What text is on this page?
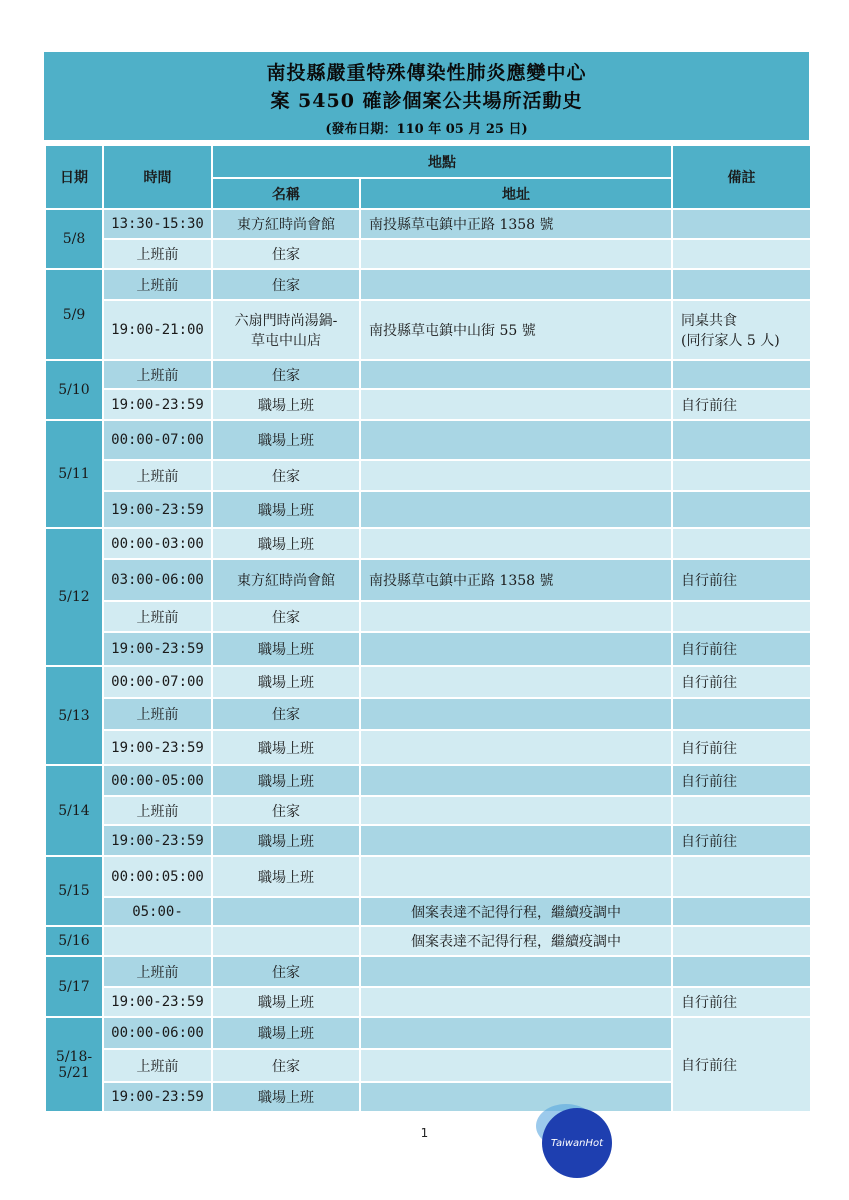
南投縣嚴重特殊傳染性肺炎應變中心
案 5450 確診個案公共場所活動史
(發布日期：110 年 05 月 25 日)
日期	時間	地點		備註
		名稱	地址	
5/8	13:30-15:30	東方紅時尚會館	南投縣草屯鎮中正路 1358 號	
	上班前	住家		
5/9	上班前	住家		
	19:00-21:00	六扇門時尚湯鍋-
草屯中山店	南投縣草屯鎮中山街 55 號	同桌共食
(同行家人 5 人)
5/10	上班前	住家		
	19:00-23:59	職場上班		自行前往
5/11	00:00-07:00	職場上班		
	上班前	住家		
	19:00-23:59	職場上班		
5/12	00:00-03:00	職場上班		
	03:00-06:00	東方紅時尚會館	南投縣草屯鎮中正路 1358 號	自行前往
	上班前	住家		
	19:00-23:59	職場上班		自行前往
5/13	00:00-07:00	職場上班		自行前往
	上班前	住家		
	19:00-23:59	職場上班		自行前往
5/14	00:00-05:00	職場上班		自行前往
	上班前	住家		
	19:00-23:59	職場上班		自行前往
5/15	00:00:05:00	職場上班		
	05:00-		個案表達不記得行程，繼續疫調中	
5/16			個案表達不記得行程，繼續疫調中	
5/17	上班前	住家		
	19:00-23:59	職場上班		自行前往
5/18-
5/21	00:00-06:00	職場上班		自行前往
	上班前	住家		
	19:00-23:59	職場上班		
1
TaiwanHot
